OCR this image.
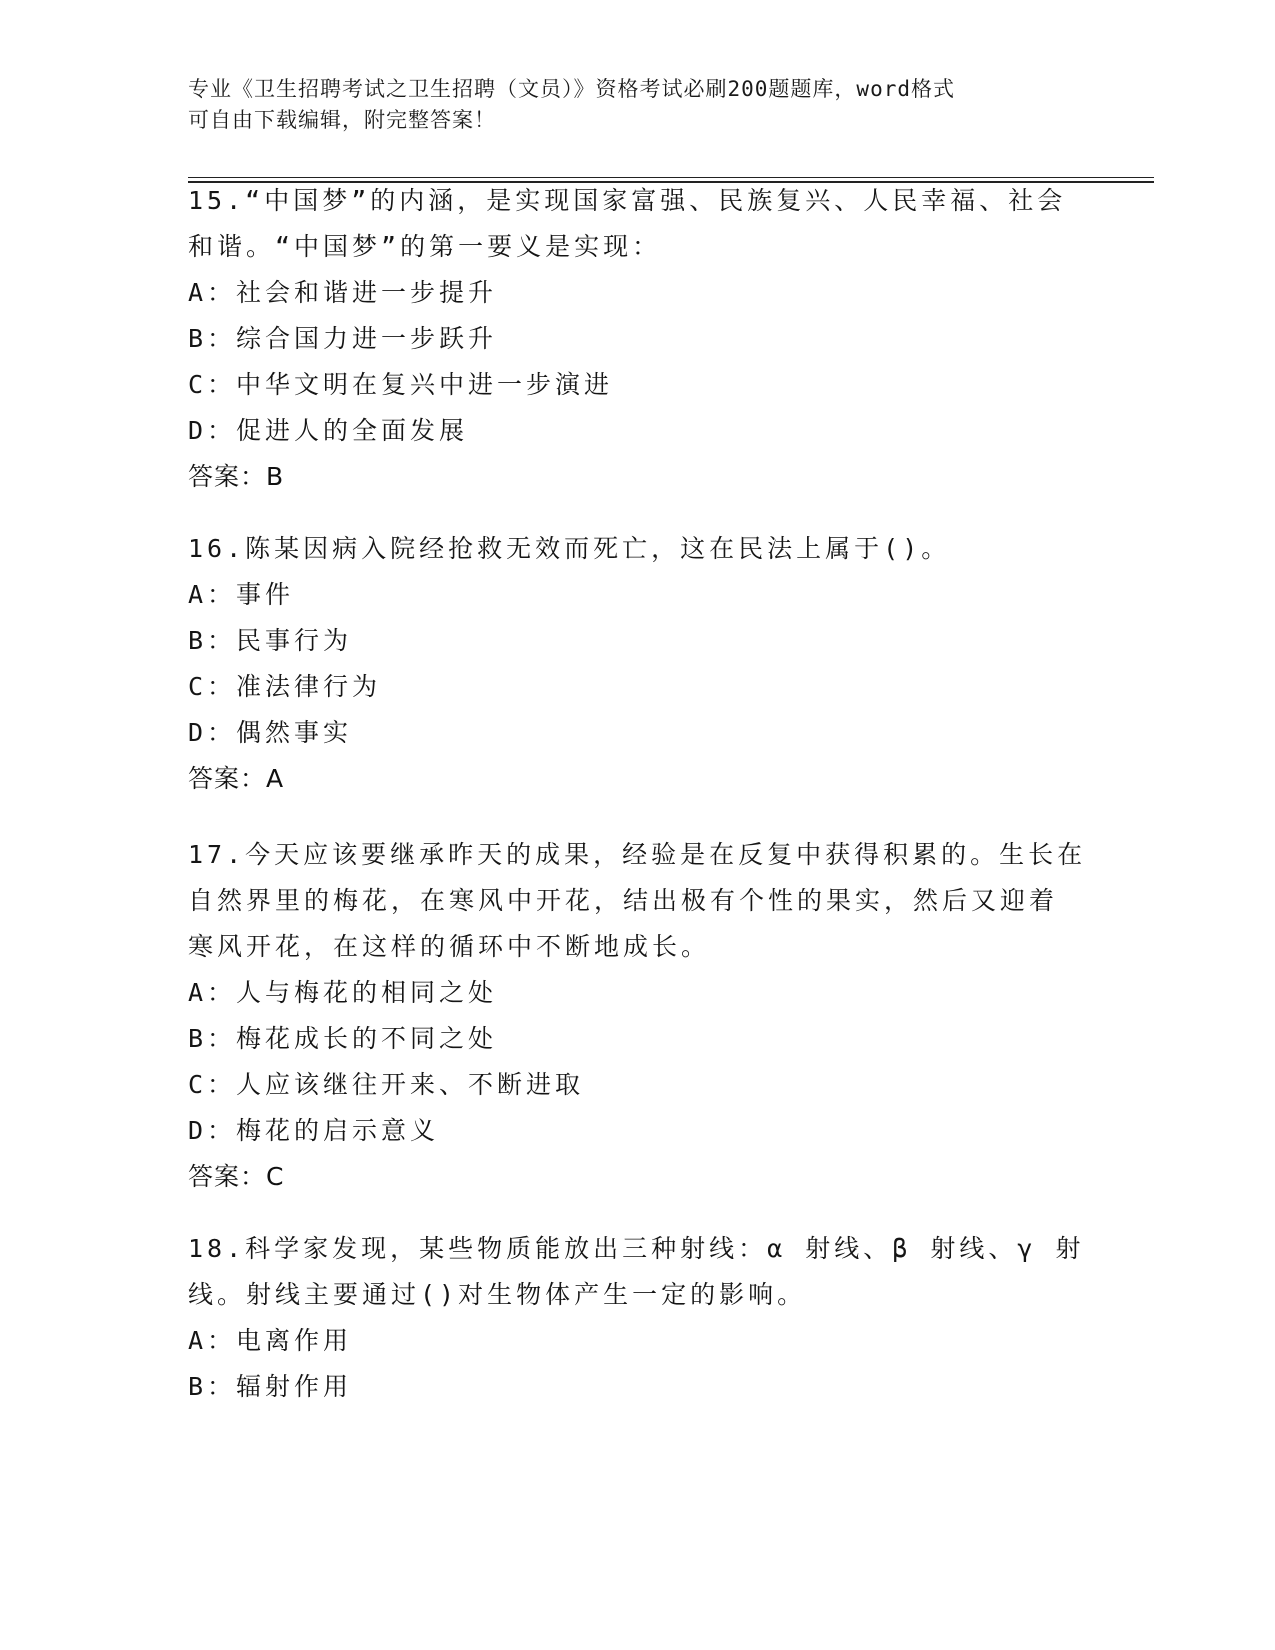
专业《卫生招聘考试之卫生招聘（文员）》资格考试必刷200题题库，word格式
可自由下载编辑，附完整答案！

15.“中国梦”的内涵，是实现国家富强、民族复兴、人民幸福、社会

和谐。“中国梦”的第一要义是实现：

A：社会和谐进一步提升

B：综合国力进一步跃升

C：中华文明在复兴中进一步演进

D：促进人的全面发展

答案：B

16.陈某因病入院经抢救无效而死亡，这在民法上属于()。

A：事件

B：民事行为

C：准法律行为

D：偶然事实

答案：A

17.今天应该要继承昨天的成果，经验是在反复中获得积累的。生长在

自然界里的梅花，在寒风中开花，结出极有个性的果实，然后又迎着

寒风开花，在这样的循环中不断地成长。

A：人与梅花的相同之处

B：梅花成长的不同之处

C：人应该继往开来、不断进取

D：梅花的启示意义

答案：C

18.科学家发现，某些物质能放出三种射线：α 射线、β 射线、γ 射

线。射线主要通过()对生物体产生一定的影响。

A：电离作用

B：辐射作用
